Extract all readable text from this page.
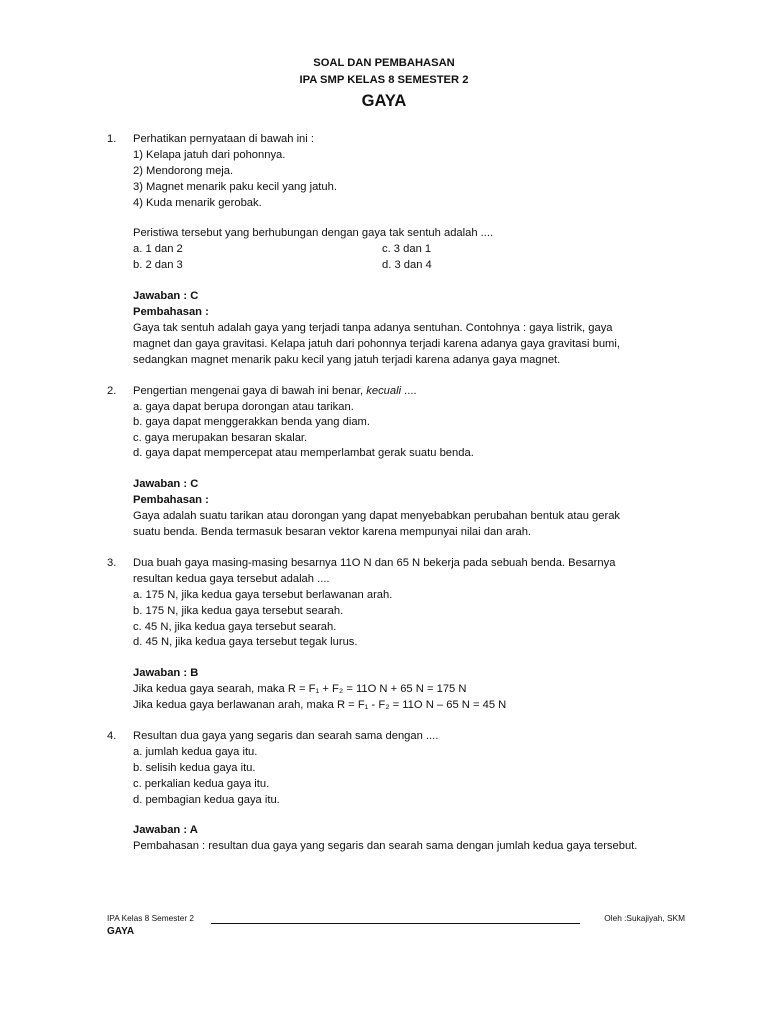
SOAL DAN PEMBAHASAN
IPA SMP KELAS 8 SEMESTER 2
GAYA
1. Perhatikan pernyataan di bawah ini :
1) Kelapa jatuh dari pohonnya.
2) Mendorong meja.
3) Magnet menarik paku kecil yang jatuh.
4) Kuda menarik gerobak.
Peristiwa tersebut yang berhubungan dengan gaya tak sentuh adalah ....
a. 1 dan 2	c. 3 dan 1
b. 2 dan 3	d. 3 dan 4
Jawaban : C
Pembahasan :
Gaya tak sentuh adalah gaya yang terjadi tanpa adanya sentuhan. Contohnya : gaya listrik, gaya
magnet dan gaya gravitasi. Kelapa jatuh dari pohonnya terjadi karena adanya gaya gravitasi bumi,
sedangkan magnet menarik paku kecil yang jatuh terjadi karena adanya gaya magnet.
2. Pengertian mengenai gaya di bawah ini benar, kecuali ....
a. gaya dapat berupa dorongan atau tarikan.
b. gaya dapat menggerakkan benda yang diam.
c. gaya merupakan besaran skalar.
d. gaya dapat mempercepat atau memperlambat gerak suatu benda.
Jawaban : C
Pembahasan :
Gaya adalah suatu tarikan atau dorongan yang dapat menyebabkan perubahan bentuk atau gerak
suatu benda. Benda termasuk besaran vektor karena mempunyai nilai dan arah.
3. Dua buah gaya masing-masing besarnya 11O N dan 65 N bekerja pada sebuah benda. Besarnya
resultan kedua gaya tersebut adalah ....
a. 175 N, jika kedua gaya tersebut berlawanan arah.
b. 175 N, jika kedua gaya tersebut searah.
c. 45 N, jika kedua gaya tersebut searah.
d. 45 N, jika kedua gaya tersebut tegak lurus.
Jawaban : B
Jika kedua gaya searah, maka R = F₁ + F₂ = 11O N + 65 N = 175 N
Jika kedua gaya berlawanan arah, maka R = F₁ - F₂ = 11O N – 65 N = 45 N
4. Resultan dua gaya yang segaris dan searah sama dengan ....
a. jumlah kedua gaya itu.
b. selisih kedua gaya itu.
c. perkalian kedua gaya itu.
d. pembagian kedua gaya itu.
Jawaban : A
Pembahasan : resultan dua gaya yang segaris dan searah sama dengan jumlah kedua gaya tersebut.
IPA Kelas 8 Semester 2	Oleh :Sukajiyah, SKM
GAYA
